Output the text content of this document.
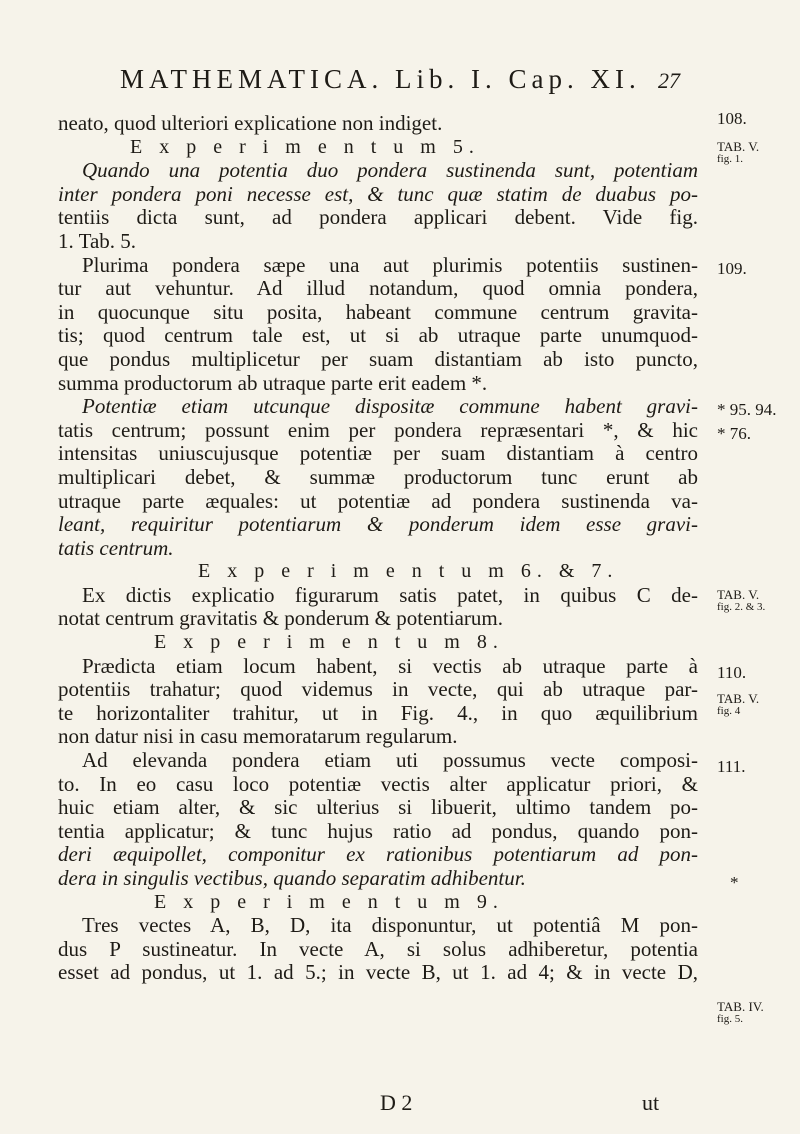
MATHEMATICA. Lib. I. Cap. XI. 27
neato, quod ulteriori explicatione non indiget.
E x p e r i m e n t u m 5.
Quando una potentia duo pondera sustinenda sunt, potentiam
inter pondera poni necesse est, & tunc quæ statim de duabus po-
tentiis dicta sunt, ad pondera applicari debent. Vide fig.
1. Tab. 5.
Plurima pondera sæpe una aut plurimis potentiis sustinen-
tur aut vehuntur. Ad illud notandum, quod omnia pondera,
in quocunque situ posita, habeant commune centrum gravita-
tis; quod centrum tale est, ut si ab utraque parte unumquod-
que pondus multiplicetur per suam distantiam ab isto puncto,
summa productorum ab utraque parte erit eadem *.
Potentiæ etiam utcunque dispositæ commune habent gravi-
tatis centrum; possunt enim per pondera repræsentari *, & hic
intensitas uniuscujusque potentiæ per suam distantiam à centro
multiplicari debet, & summæ productorum tunc erunt ab
utraque parte æquales: ut potentiæ ad pondera sustinenda va-
leant, requiritur potentiarum & ponderum idem esse gravi-
tatis centrum.
E x p e r i m e n t u m 6. & 7.
Ex dictis explicatio figurarum satis patet, in quibus C de-
notat centrum gravitatis & ponderum & potentiarum.
E x p e r i m e n t u m 8.
Prædicta etiam locum habent, si vectis ab utraque parte à
potentiis trahatur; quod videmus in vecte, qui ab utraque par-
te horizontaliter trahitur, ut in Fig. 4., in quo æquilibrium
non datur nisi in casu memoratarum regularum.
Ad elevanda pondera etiam uti possumus vecte composi-
to. In eo casu loco potentiæ vectis alter applicatur priori, &
huic etiam alter, & sic ulterius si libuerit, ultimo tandem po-
tentia applicatur; & tunc hujus ratio ad pondus, quando pon-
deri æquipollet, componitur ex rationibus potentiarum ad pon-
dera in singulis vectibus, quando separatim adhibentur.
E x p e r i m e n t u m 9.
Tres vectes A, B, D, ita disponuntur, ut potentiâ M pon-
dus P sustineatur. In vecte A, si solus adhiberetur, potentia
esset ad pondus, ut 1. ad 5.; in vecte B, ut 1. ad 4; & in vecte D,
D 2	ut
108.
TAB. V.
fig. 1.
109.
* 95. 94.
* 76.
TAB. V.
fig. 2. & 3.
110.
TAB. V.
fig. 4
111.
*
TAB. IV.
fig. 5.
